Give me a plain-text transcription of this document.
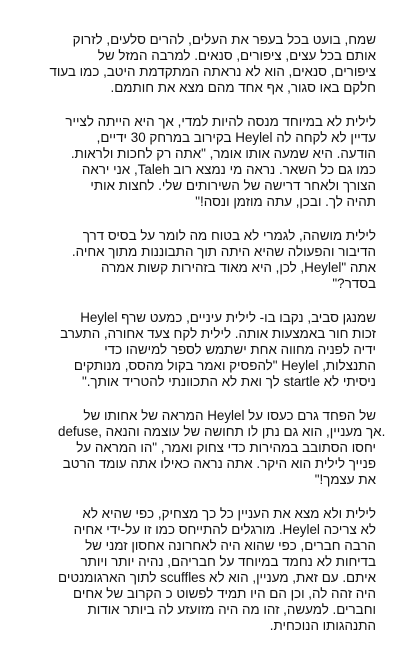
שמח, בועט בכל בעפר את העלים, להרים סלעים, לזרוק
אותם בכל עצים, ציפורים, סנאים. למרבה המזל של
ציפורים, סנאים, הוא לא נראתה המתקדמת היטב, כמו בעוד
חלקם באו סגור, אף אחד מהם מצא את חותמם.
לילית לא במיוחד מנסה להיות למדי, אך היא הייתה לצייר
עדיין לא לקחה לה Heylel בקירוב במרחק 30 ידיים,
הודעה. היא שמעה אותו אומר, "אתה רק לחכות ולראות.
כמו גם כל השאר. נראה מי נמצא רוב Taleh, אני יראה
הצורך ולאחר דרישה של השירותים שלי. לחצות אותי
תהיה לך. ובכן, עתה מוזמן ונסה!"
לילית מושהה, לגמרי לא בטוח מה לומר על בסיס דרך
הדיבור והפעולה שהיא היתה תוך התבוננות מתוך אחיה.
אתה "Heylel, לכן, היא מאוד בזהירות קשות אמרה
בסדר?"
שמנגן סביב, נקבו בו- לילית עיניים, כמעט שרף Heylel
זכות חור באמצעות אותה. לילית לקח צעד אחורה, התערב
ידיה לפניה מחווה אחת ישתמש לספר למישהו כדי
התנצלות, Heylel "להפסיק ואמר בקול מהסס, מנותקים
ניסיתי לא startle לך ואת לא התכוונתי להטריד אותך."
של הפחד גרם כעסו על Heylel המראה של אחותו של
defuse, אך מעניין, הוא גם נתן לו תחושה של עוצמה והנאה.
יחסו הסתובב במהירות כדי צחוק ואמר, "הו המראה על
פנייך לילית הוא היקר. אתה נראה כאילו אתה עומד הרטב
את עצמך!"
לילית ולא מצא את העניין כל כך מצחיק, כפי שהיא לא
לא צריכה Heylel. מורגלים להתייחס כמו זו על-ידי אחיה
הרבה חברים, כפי שהוא היה לאחרונה אחסון זמני של
בדיחות לא נחמד במיוחד על חבריהם, נהיה יותר ויותר
איתם. עם זאת, מעניין, הוא לא scuffles לתוך הארגומנטים
היה זהה לה, וכן הם היו תמיד לפשוט כ הקרוב של אחים
וחברים. למעשה, זהו מה היה מזועזע לה ביותר אודות
התנהגותו הנוכחית.
